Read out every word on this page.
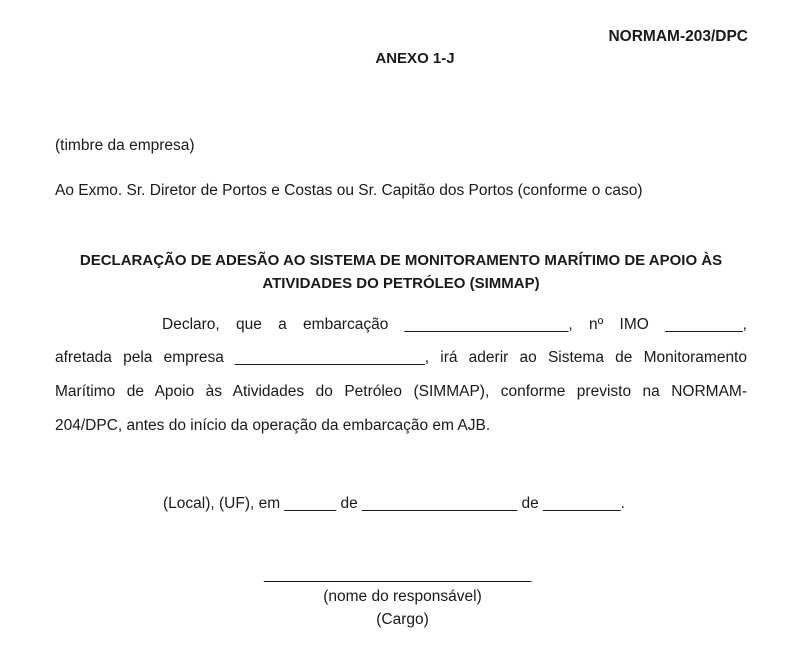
NORMAM-203/DPC
ANEXO 1-J
(timbre da empresa)
Ao Exmo. Sr. Diretor de Portos e Costas ou Sr. Capitão dos Portos (conforme o caso)
DECLARAÇÃO DE ADESÃO AO SISTEMA DE MONITORAMENTO MARÍTIMO DE APOIO ÀS ATIVIDADES DO PETRÓLEO (SIMMAP)
Declaro, que a embarcação ___________________, nº IMO _________,
afretada pela empresa ______________________, irá aderir ao Sistema de Monitoramento
Marítimo de Apoio às Atividades do Petróleo (SIMMAP), conforme previsto na NORMAM-
204/DPC, antes do início da operação da embarcação em AJB.
(Local), (UF), em ______ de __________________ de _________.
_______________________________
(nome do responsável)
(Cargo)
